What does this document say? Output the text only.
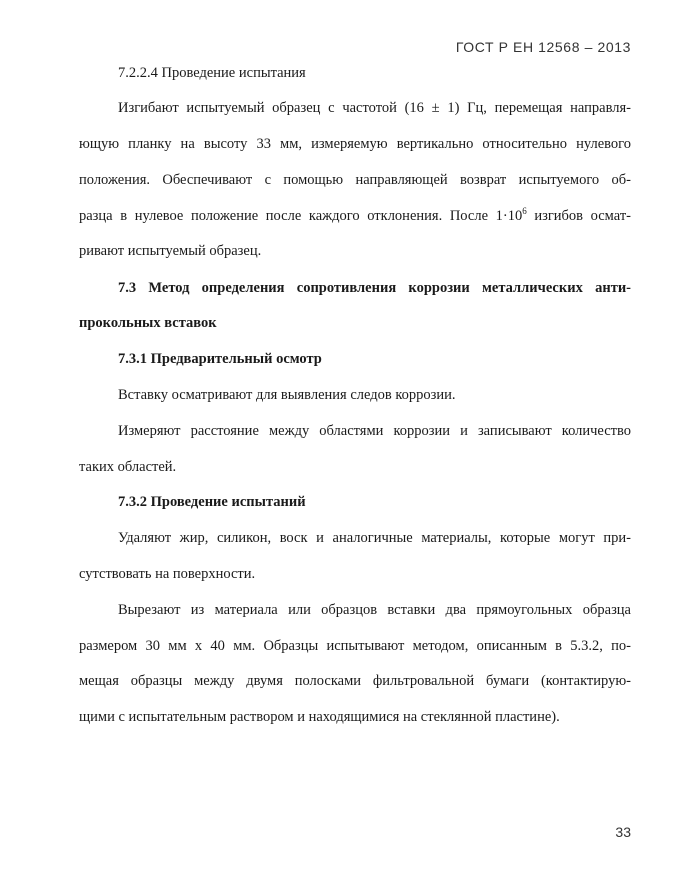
ГОСТ Р ЕН 12568 – 2013
7.2.2.4 Проведение испытания
Изгибают испытуемый образец с частотой (16 ± 1) Гц, перемещая направля-
ющую планку на высоту 33 мм, измеряемую вертикально относительно нулевого
положения. Обеспечивают с помощью направляющей возврат испытуемого об-
разца в нулевое положение после каждого отклонения. После $1\cdot 10^6$ изгибов осмат-
ривают испытуемый образец.
7.3 Метод определения сопротивления коррозии металлических анти-
прокольных вставок
7.3.1 Предварительный осмотр
Вставку осматривают для выявления следов коррозии.
Измеряют расстояние между областями коррозии и записывают количество
таких областей.
7.3.2 Проведение испытаний
Удаляют жир, силикон, воск и аналогичные материалы, которые могут при-
сутствовать на поверхности.
Вырезают из материала или образцов вставки два прямоугольных образца
размером 30 мм х 40 мм. Образцы испытывают методом, описанным в 5.3.2, по-
мещая образцы между двумя полосками фильтровальной бумаги (контактирую-
щими с испытательным раствором и находящимися на стеклянной пластине).
33
